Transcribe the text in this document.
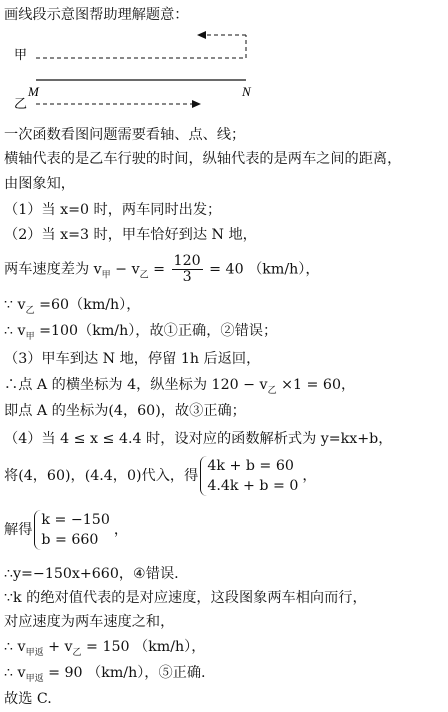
画线段示意图帮助理解题意：
甲
M	N
乙
一次函数看图问题需要看轴、点、线；
横轴代表的是乙车行驶的时间，纵轴代表的是两车之间的距离，
由图象知，
（1）当 x=0 时，两车同时出发；
（2）当 x=3 时，甲车恰好到达 N 地，
两车速度差为 $v_甲 - v_乙 = \frac{120}{3} = 40$ （km/h），
∵ $v_乙 =60(km/h)$，
∴ $v_甲 =100(km/h)$，故①正确，②错误；
（3）甲车到达 N 地，停留 1h 后返回，
∴点 A 的横坐标为 4，纵坐标为 $120 - v_乙 \times 1 = 60$，
即点 A 的坐标为(4，60)，故③正确；
（4）当 4 ≤ x ≤ 4.4 时，设对应的函数解析式为 y=kx+b，
将(4，60)，(4.4，0)代入，得
4k + b = 60
4.4k + b = 0
，
解得
k = −150
b = 660
，
∴y=−150x+660，④错误.
∵k 的绝对值代表的是对应速度，这段图象两车相向而行，
对应速度为两车速度之和，
∴ $v_{甲返} + v_乙 = 150$ （km/h），
∴ $v_{甲返} = 90$ （km/h），⑤正确.
故选 C.
